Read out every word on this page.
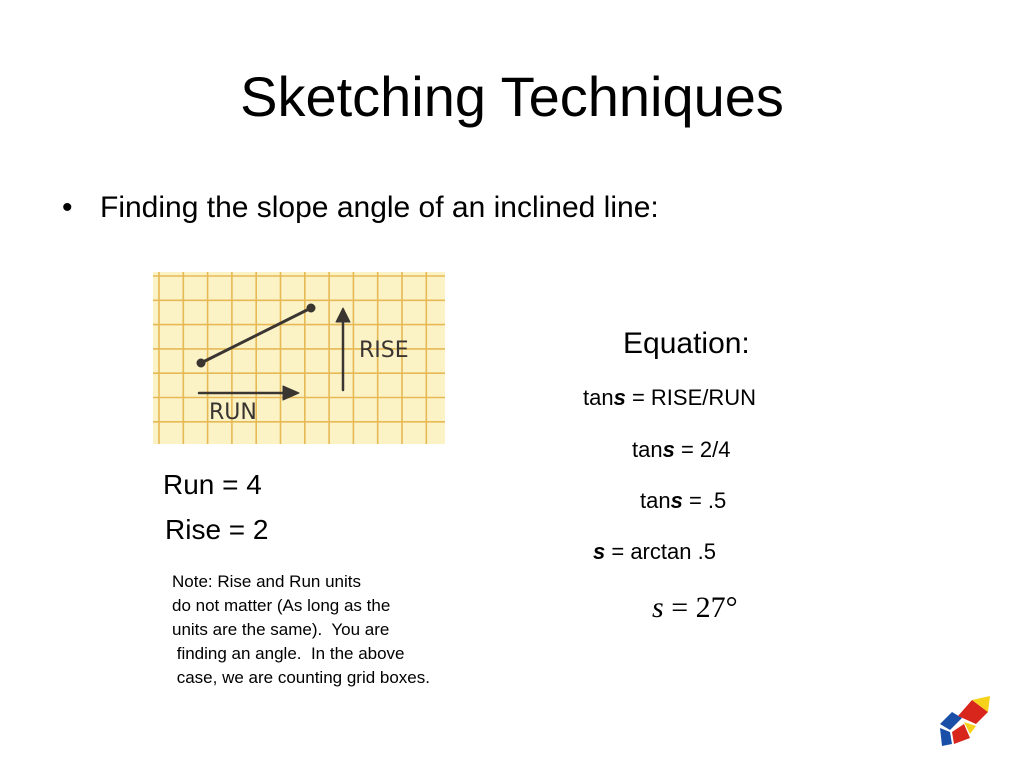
Sketching Techniques
• Finding the slope angle of an inclined line:
RISE
RUN
Run = 4
Rise = 2
Note: Rise and Run units
do not matter (As long as the
units are the same).  You are
finding an angle.  In the above
case, we are counting grid boxes.
Equation:
tans = RISE/RUN
tans = 2/4
tans = .5
s = arctan .5
s = 27°
